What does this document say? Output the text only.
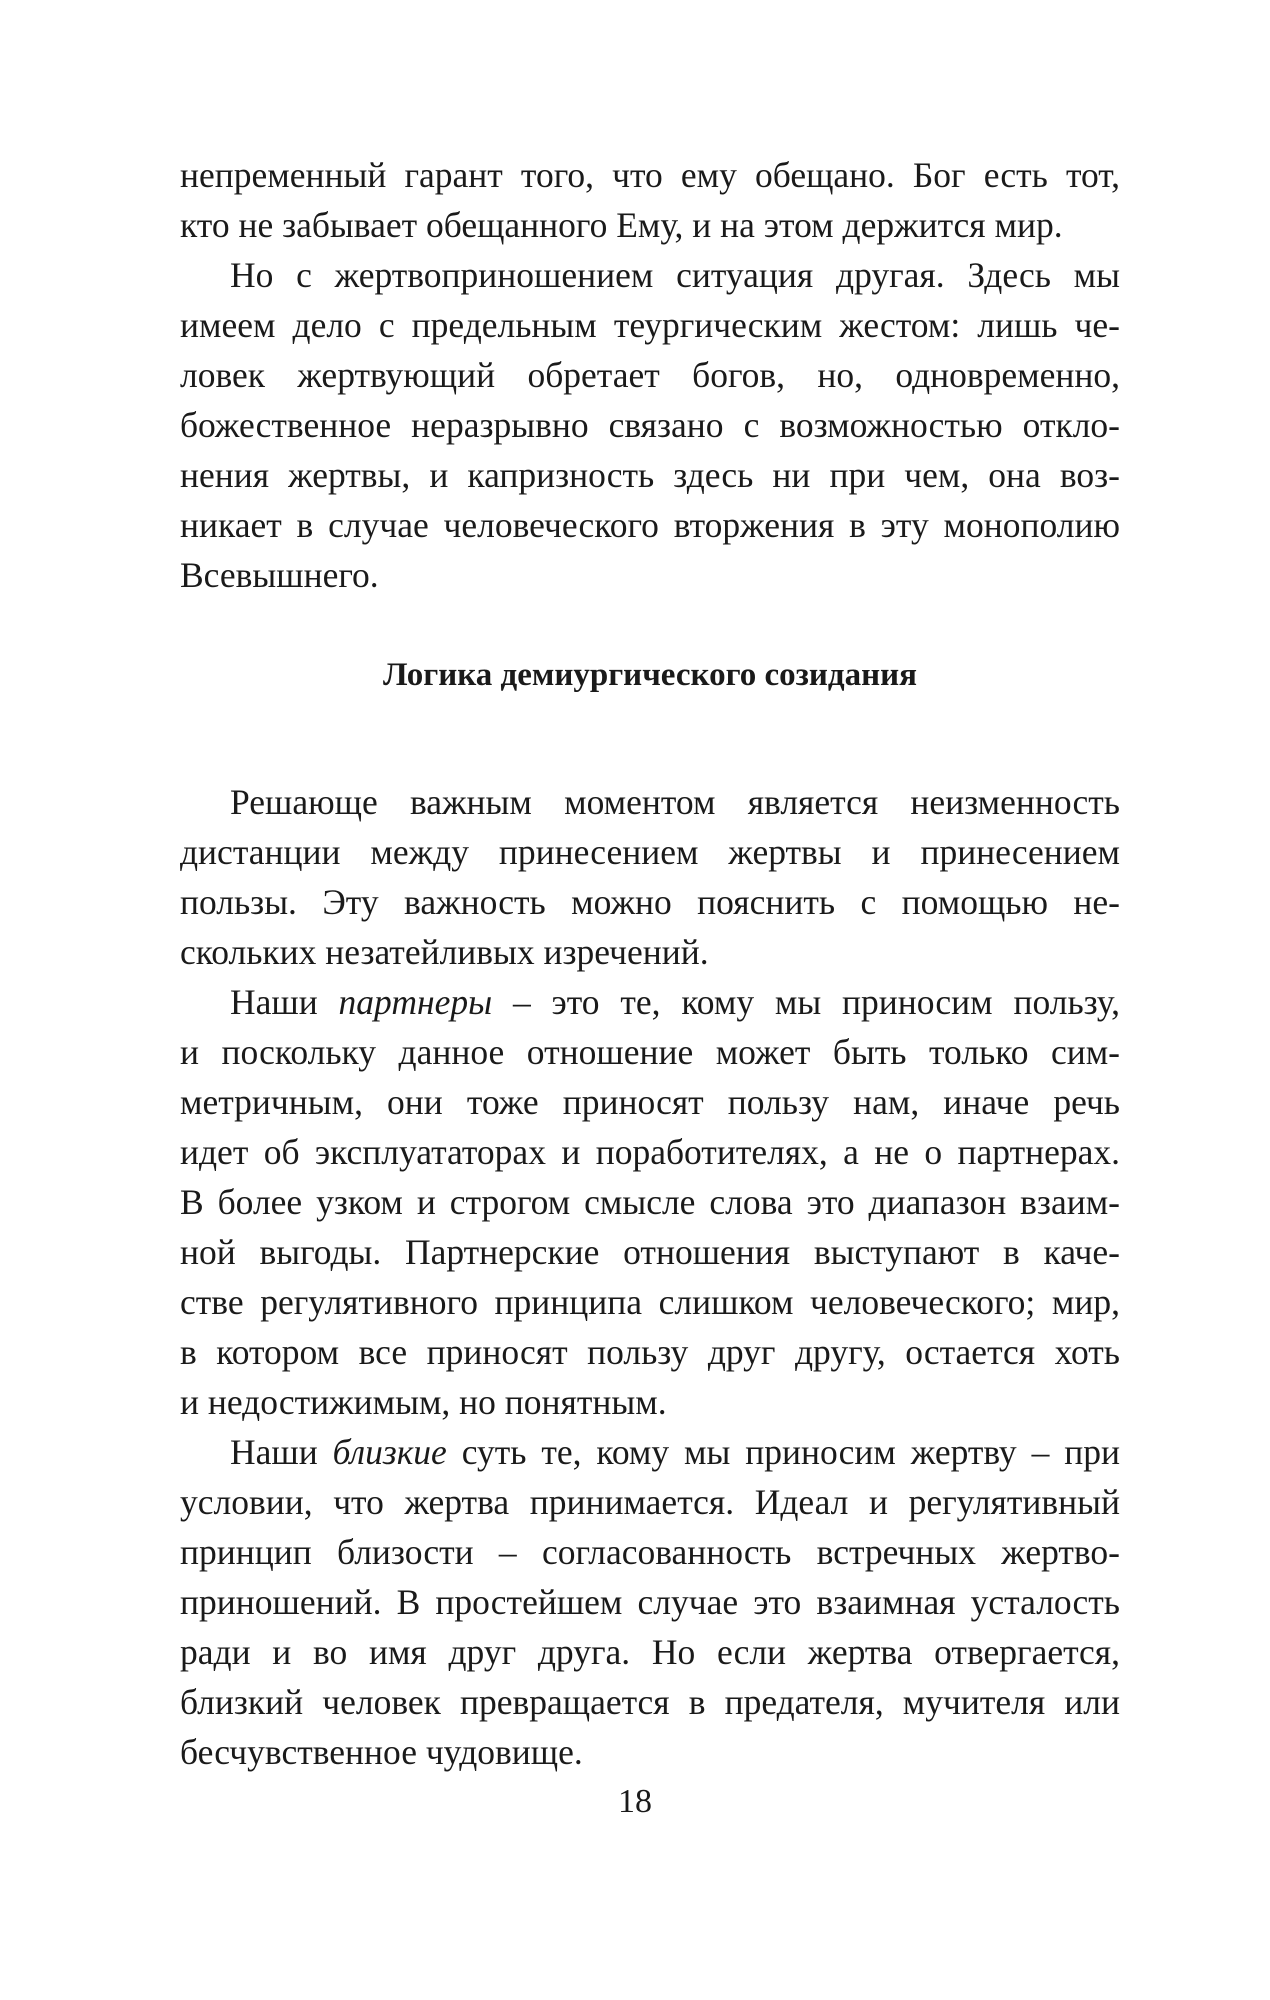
непременный гарант того, что ему обещано. Бог есть тот,
кто не забывает обещанного Ему, и на этом держится мир.
Но с жертвоприношением ситуация другая. Здесь мы
имеем дело с предельным теургическим жестом: лишь че-
ловек жертвующий обретает богов, но, одновременно,
божественное неразрывно связано с возможностью откло-
нения жертвы, и капризность здесь ни при чем, она воз-
никает в случае человеческого вторжения в эту монополию
Всевышнего.
Логика демиургического созидания
Решающе важным моментом является неизменность
дистанции между принесением жертвы и принесением
пользы. Эту важность можно пояснить с помощью не-
скольких незатейливых изречений.
Наши партнеры – это те, кому мы приносим пользу,
и поскольку данное отношение может быть только сим-
метричным, они тоже приносят пользу нам, иначе речь
идет об эксплуататорах и поработителях, а не о партнерах.
В более узком и строгом смысле слова это диапазон взаим-
ной выгоды. Партнерские отношения выступают в каче-
стве регулятивного принципа слишком человеческого; мир,
в котором все приносят пользу друг другу, остается хоть
и недостижимым, но понятным.
Наши близкие суть те, кому мы приносим жертву – при
условии, что жертва принимается. Идеал и регулятивный
принцип близости – согласованность встречных жертво-
приношений. В простейшем случае это взаимная усталость
ради и во имя друг друга. Но если жертва отвергается,
близкий человек превращается в предателя, мучителя или
бесчувственное чудовище.
18
